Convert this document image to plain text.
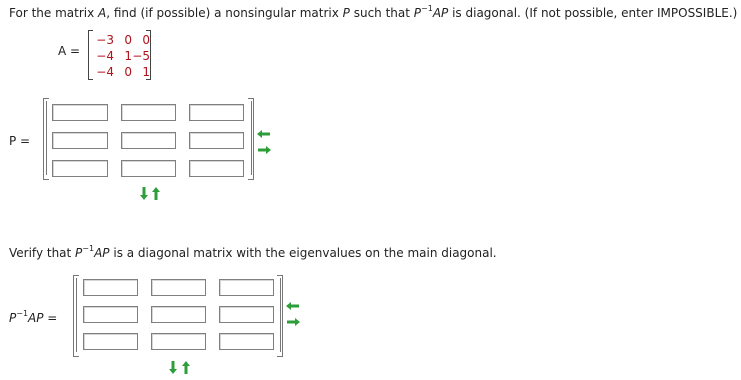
For the matrix A, find (if possible) a nonsingular matrix P such that $P^{-1}AP$ is diagonal. (If not possible, enter IMPOSSIBLE.)
A =
−3 0 0
−4 1 −5
−4 0 1
P =
Verify that $P^{-1}AP$ is a diagonal matrix with the eigenvalues on the main diagonal.
$P^{-1}AP$ =
